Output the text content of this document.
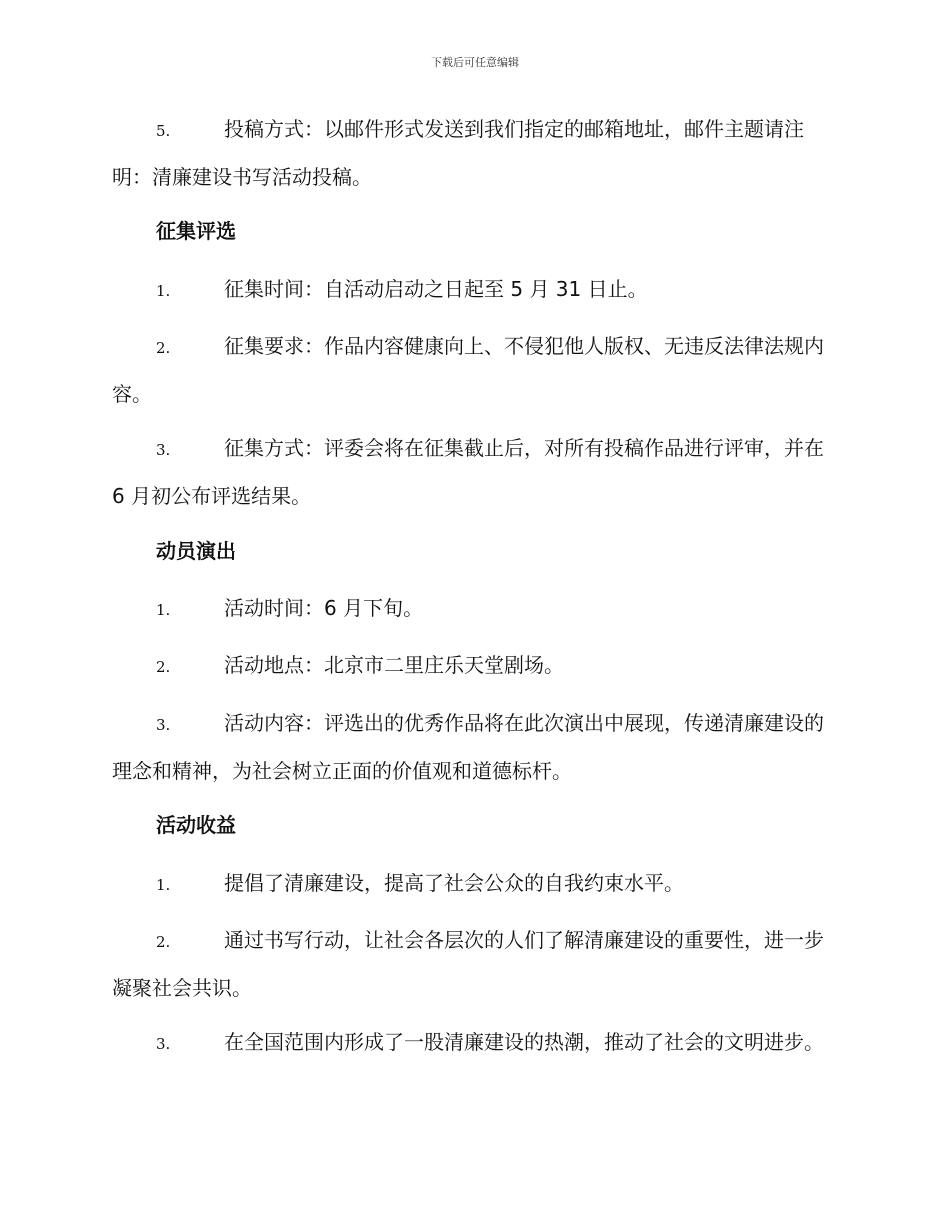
下载后可任意编辑

5.	投稿方式：以邮件形式发送到我们指定的邮箱地址，邮件主题请注明：清廉建设书写活动投稿。

征集评选

1.	征集时间：自活动启动之日起至 5 月 31 日止。

2.	征集要求：作品内容健康向上、不侵犯他人版权、无违反法律法规内容。

3.	征集方式：评委会将在征集截止后，对所有投稿作品进行评审，并在 6 月初公布评选结果。

动员演出

1.	活动时间：6 月下旬。

2.	活动地点：北京市二里庄乐天堂剧场。

3.	活动内容：评选出的优秀作品将在此次演出中展现，传递清廉建设的理念和精神，为社会树立正面的价值观和道德标杆。

活动收益

1.	提倡了清廉建设，提高了社会公众的自我约束水平。

2.	通过书写行动，让社会各层次的人们了解清廉建设的重要性，进一步凝聚社会共识。

3.	在全国范围内形成了一股清廉建设的热潮，推动了社会的文明进步。
